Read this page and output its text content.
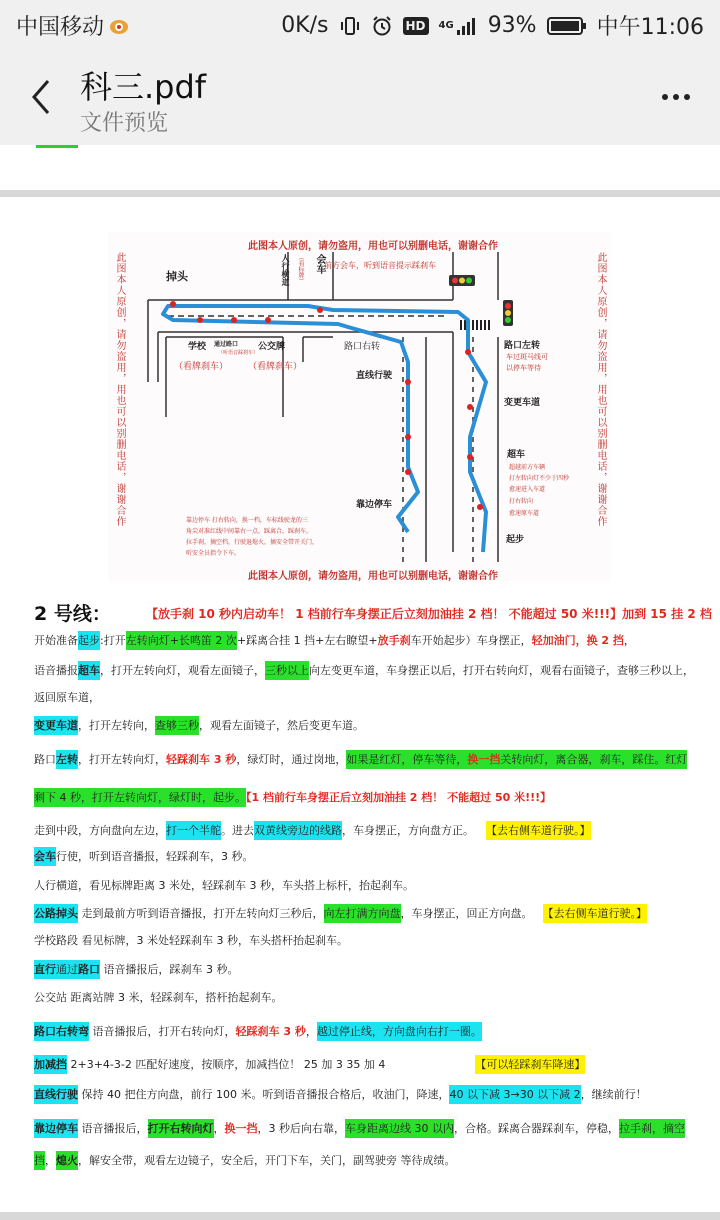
中国移动	0K/s	HD	4G 93%	中午11:06
科三.pdf
文件预览
此图本人原创，请勿盗用，用也可以别删电话，谢谢合作
此图本人原创，请勿盗用，用也可以别删电话，谢谢合作
此图本人原创，请勿盗用，用也可以别删电话，谢谢合作	此图本人原创，请勿盗用，用也可以别删电话，谢谢合作
掉头	人行横道 （看标牌） 会车 前方会车，听到语音提示踩刹车
学校 通过路口
（听语音踩刹车）
公交牌
（看牌刹车） （看牌刹车）
路口右转
直线行驶
路口左转
车过斑马线可
以停车等待
变更车道
超车
超越前方车辆
打左转向灯不少于四秒
愈速进入车道
打右转向
愈速原车道
靠边停车
起步
靠边停车 打右转向，换一档，车标线驶龙的三
角尖对准红线中间靠右一点，踩离合，踩刹车，
拉手刹，摘空档，行驶退熄火，摘安全带开关门，
听安全员指令下车。
2 号线：	【放手刹 10 秒内启动车！ 1 档前行车身摆正后立刻加油挂 2 档！ 不能超过 50 米!!!】加到 15 挂 2 档
开始准备起步:打开左转向灯+长鸣笛 2 次+踩离合挂 1 挡+左右瞭望+放手刹车开始起步）车身摆正，轻加油门，换 2 挡，
语音播报超车，打开左转向灯，观看左面镜子，三秒以上向左变更车道，车身摆正以后，打开右转向灯，观看右面镜子，查够三秒以上，
返回原车道，
变更车道，打开左转向，查够三秒，观看左面镜子，然后变更车道。
路口左转，打开左转向灯，轻踩刹车 3 秒，绿灯时，通过岗地，如果是红灯，停车等待，换一挡关转向灯，离合器，刹车，踩住。红灯
剩下 4 秒，打开左转向灯，绿灯时，起步。【1 档前行车身摆正后立刻加油挂 2 档！ 不能超过 50 米!!!】
走到中段，方向盘向左边，打一个半舵。进去双黄线旁边的线路，车身摆正，方向盘方正。 【去右侧车道行驶。】
会车行使，听到语音播报，轻踩刹车，3 秒。
人行横道，看见标牌距离 3 米处，轻踩刹车 3 秒，车头搭上标杆，抬起刹车。
公路掉头 走到最前方听到语音播报，打开左转向灯三秒后，向左打满方向盘，车身摆正，回正方向盘。 【去右侧车道行驶。】
学校路段 看见标牌，3 米处轻踩刹车 3 秒，车头搭杆抬起刹车。
直行通过路口 语音播报后，踩刹车 3 秒。
公交站 距离站牌 3 米，轻踩刹车，搭杆抬起刹车。
路口右转弯 语音播报后，打开右转向灯，轻踩刹车 3 秒，越过停止线，方向盘向右打一圈。
加减挡 2+3+4-3-2 匹配好速度，按顺序，加减挡位！ 25 加 3 35 加 4	【可以轻踩刹车降速】
直线行驶 保持 40 把住方向盘，前行 100 米。听到语音播报合格后，收油门，降速，40 以下减 3→30 以下减 2，继续前行！
靠边停车 语音播报后，打开右转向灯，换一挡，3 秒后向右靠，车身距离边线 30 以内，合格。踩离合器踩刹车，停稳，拉手刹，摘空
挡，熄火，解安全带，观看左边镜子，安全后，开门下车，关门，副驾驶旁 等待成绩。
